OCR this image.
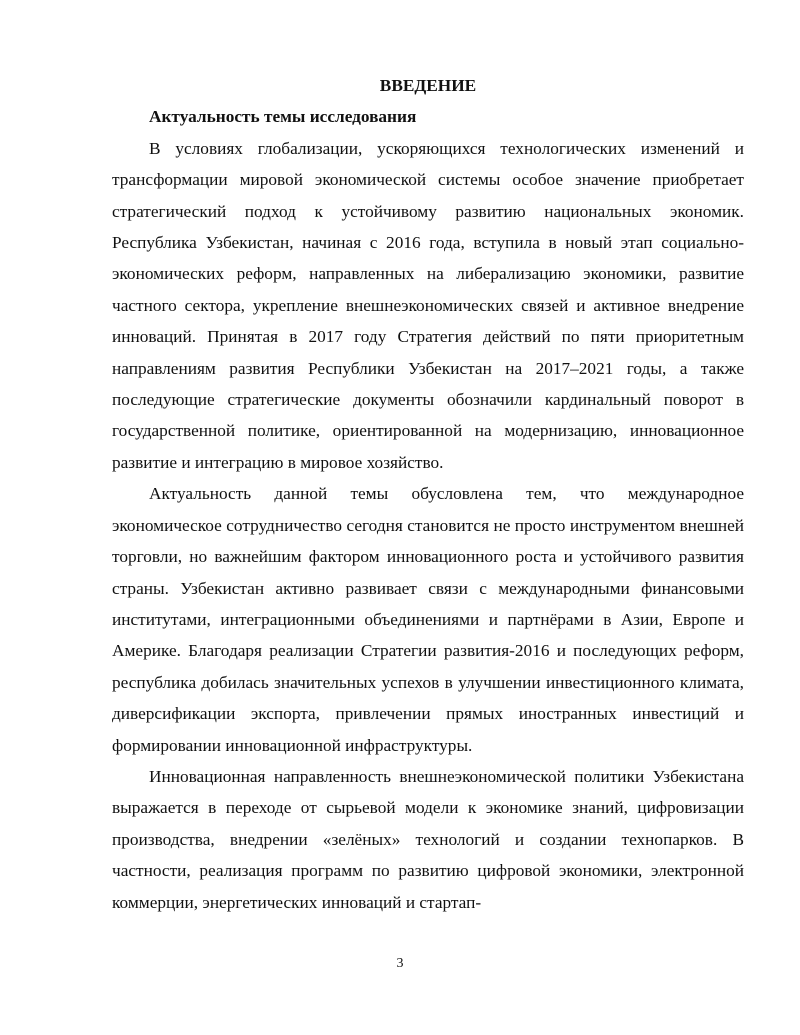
ВВЕДЕНИЕ

Актуальность темы исследования

В условиях глобализации, ускоряющихся технологических изменений и трансформации мировой экономической системы особое значение приобретает стратегический подход к устойчивому развитию национальных экономик. Республика Узбекистан, начиная с 2016 года, вступила в новый этап социально-экономических реформ, направленных на либерализацию экономики, развитие частного сектора, укрепление внешнеэкономических связей и активное внедрение инноваций. Принятая в 2017 году Стратегия действий по пяти приоритетным направлениям развития Республики Узбекистан на 2017–2021 годы, а также последующие стратегические документы обозначили кардинальный поворот в государственной политике, ориентированной на модернизацию, инновационное развитие и интеграцию в мировое хозяйство.

Актуальность данной темы обусловлена тем, что международное экономическое сотрудничество сегодня становится не просто инструментом внешней торговли, но важнейшим фактором инновационного роста и устойчивого развития страны. Узбекистан активно развивает связи с международными финансовыми институтами, интеграционными объединениями и партнёрами в Азии, Европе и Америке. Благодаря реализации Стратегии развития-2016 и последующих реформ, республика добилась значительных успехов в улучшении инвестиционного климата, диверсификации экспорта, привлечении прямых иностранных инвестиций и формировании инновационной инфраструктуры.

Инновационная направленность внешнеэкономической политики Узбекистана выражается в переходе от сырьевой модели к экономике знаний, цифровизации производства, внедрении «зелёных» технологий и создании технопарков. В частности, реализация программ по развитию цифровой экономики, электронной коммерции, энергетических инноваций и стартап-

3
